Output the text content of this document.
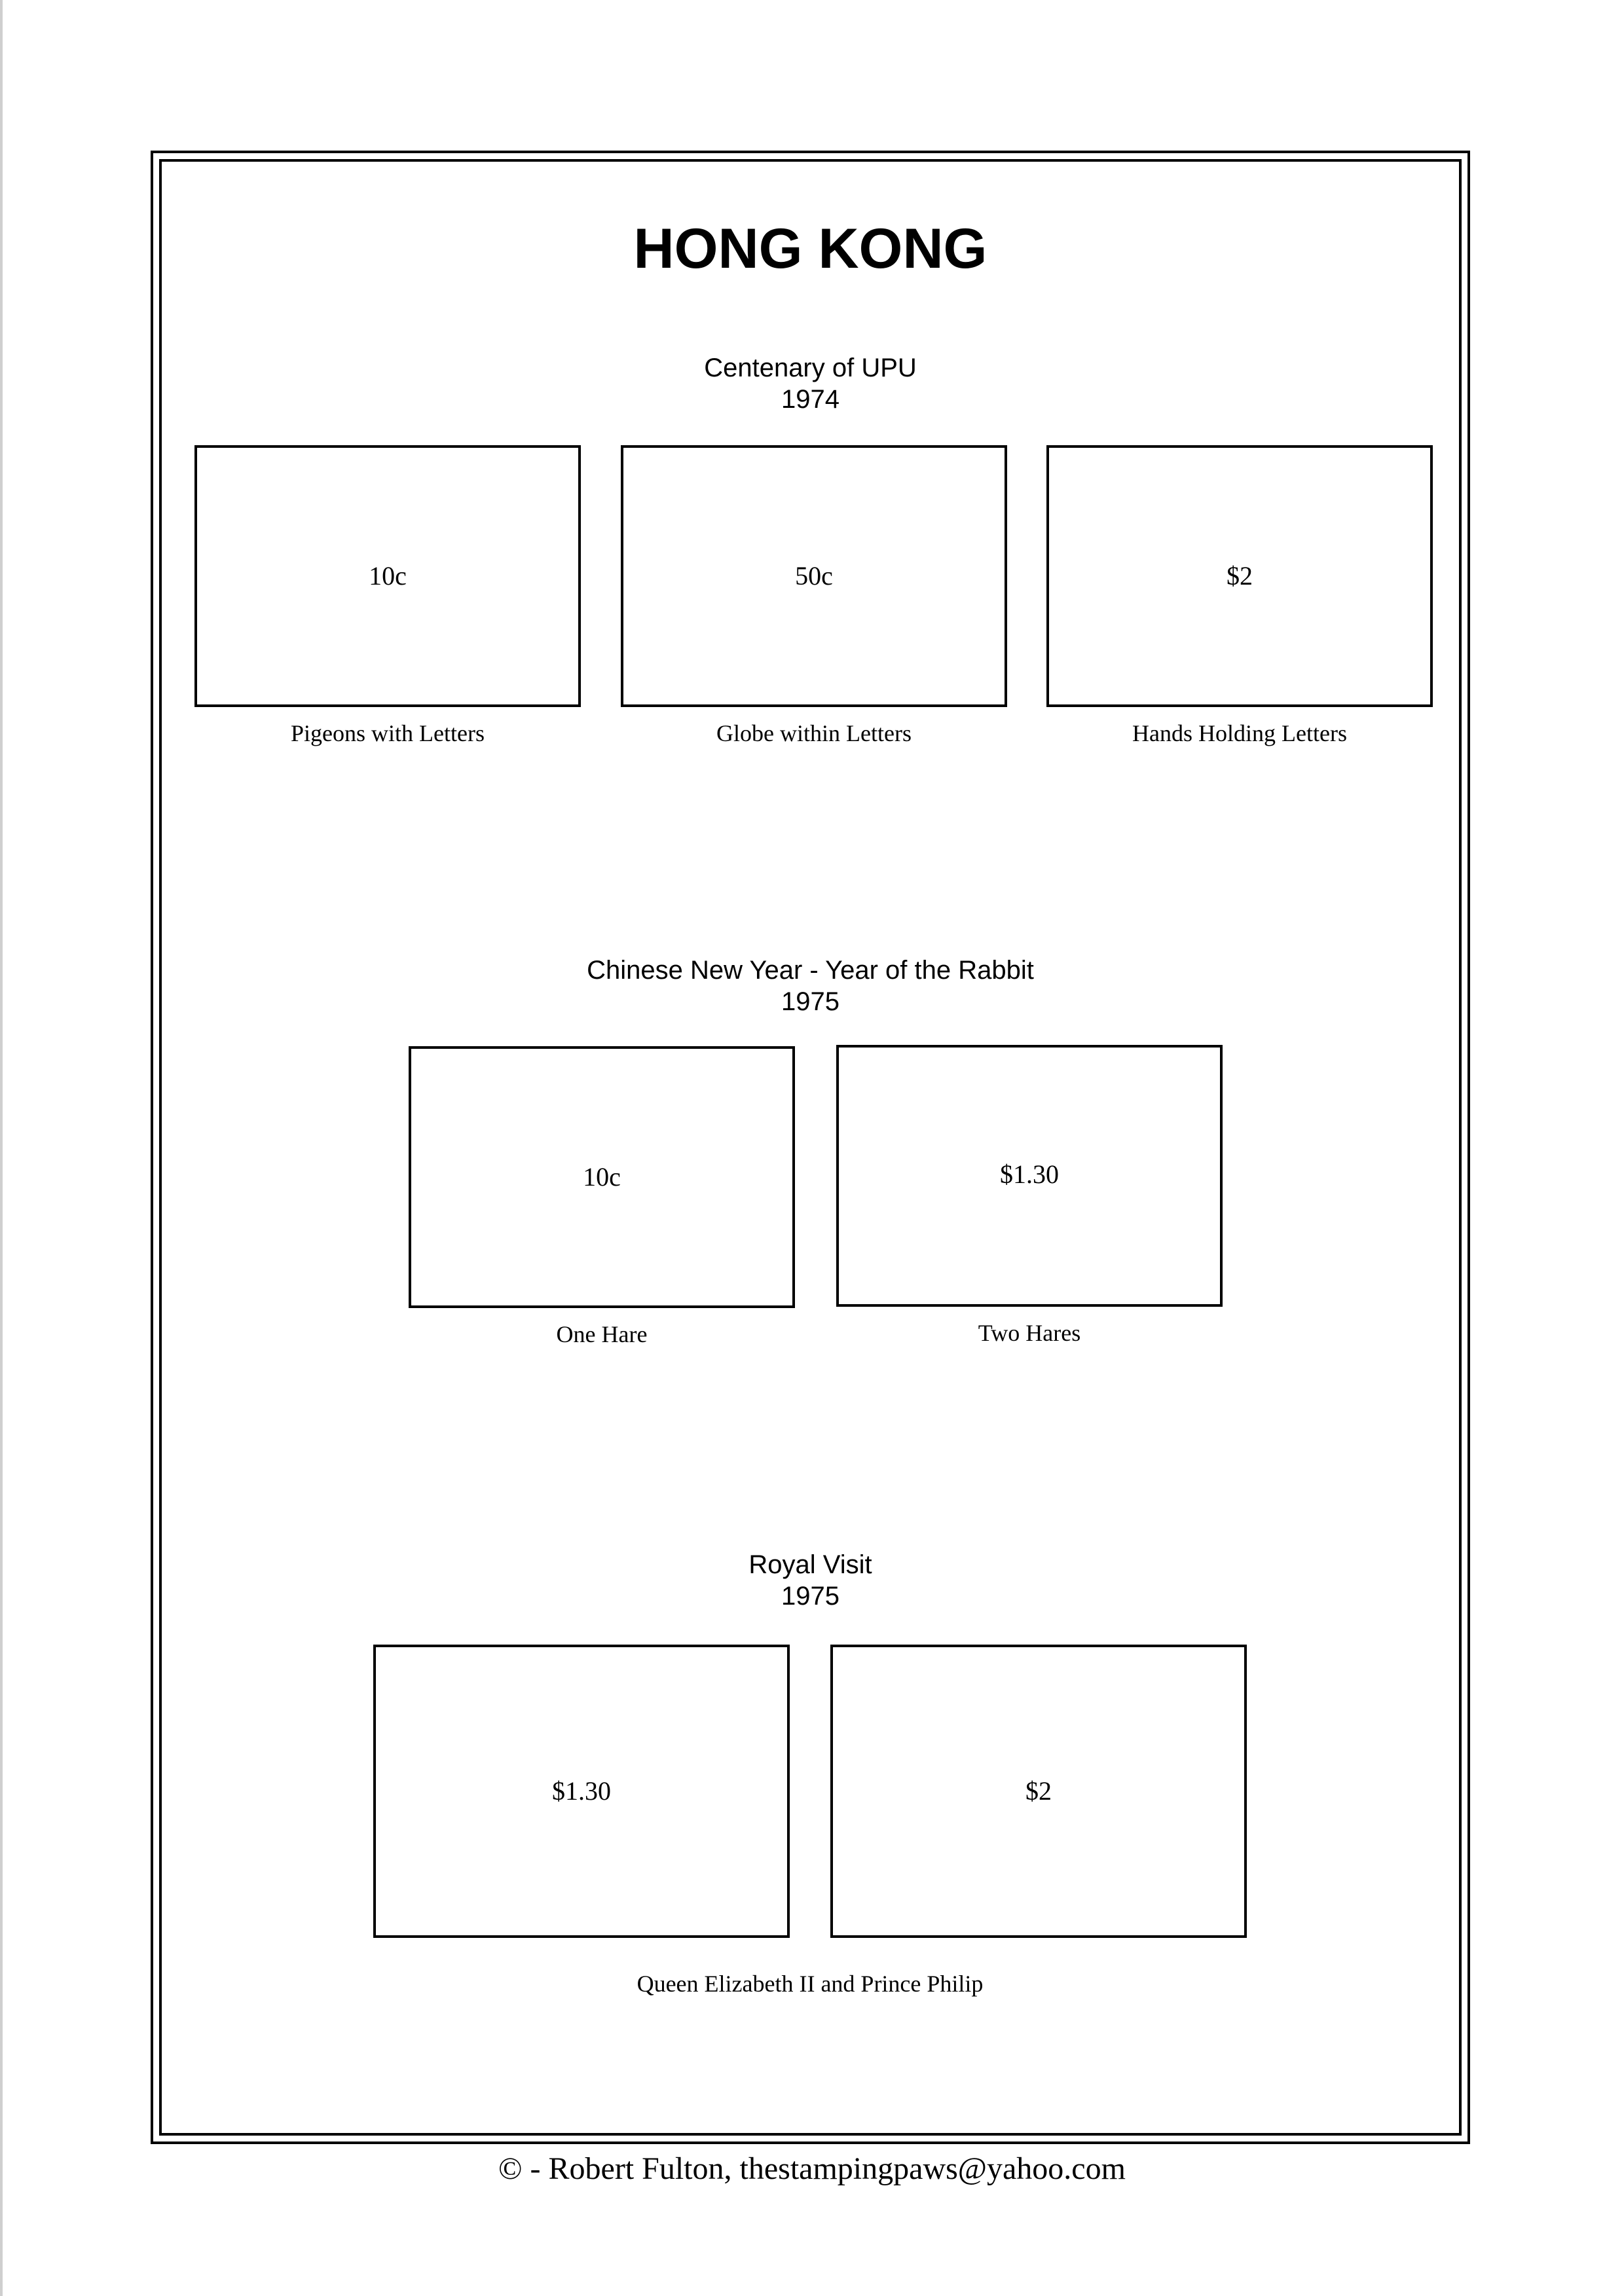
HONG KONG
Centenary of UPU
1974
10c
Pigeons with Letters
50c
Globe within Letters
$2
Hands Holding Letters
Chinese New Year - Year of the Rabbit
1975
10c
One Hare
$1.30
Two Hares
Royal Visit
1975
$1.30	$2
Queen Elizabeth II and Prince Philip
© - Robert Fulton, thestampingpaws@yahoo.com
